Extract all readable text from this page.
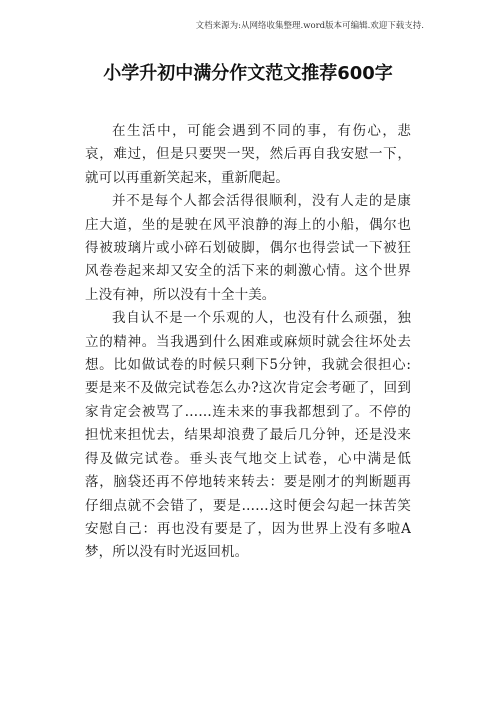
文档来源为:从网络收集整理.word版本可编辑.欢迎下载支持.
小学升初中满分作文范文推荐600字

在生活中，可能会遇到不同的事，有伤心，悲哀，难过，但是只要哭一哭，然后再自我安慰一下，就可以再重新笑起来，重新爬起。

并不是每个人都会活得很顺利，没有人走的是康庄大道，坐的是驶在风平浪静的海上的小船，偶尔也得被玻璃片或小碎石划破脚，偶尔也得尝试一下被狂风卷卷起来却又安全的活下来的刺激心情。这个世界上没有神，所以没有十全十美。

我自认不是一个乐观的人，也没有什么顽强，独立的精神。当我遇到什么困难或麻烦时就会往坏处去想。比如做试卷的时候只剩下5分钟，我就会很担心:要是来不及做完试卷怎么办?这次肯定会考砸了，回到家肯定会被骂了……连未来的事我都想到了。不停的担忧来担忧去，结果却浪费了最后几分钟，还是没来得及做完试卷。垂头丧气地交上试卷，心中满是低落，脑袋还再不停地转来转去：要是刚才的判断题再仔细点就不会错了，要是……这时便会勾起一抹苦笑安慰自己：再也没有要是了，因为世界上没有多啦A梦，所以没有时光返回机。
